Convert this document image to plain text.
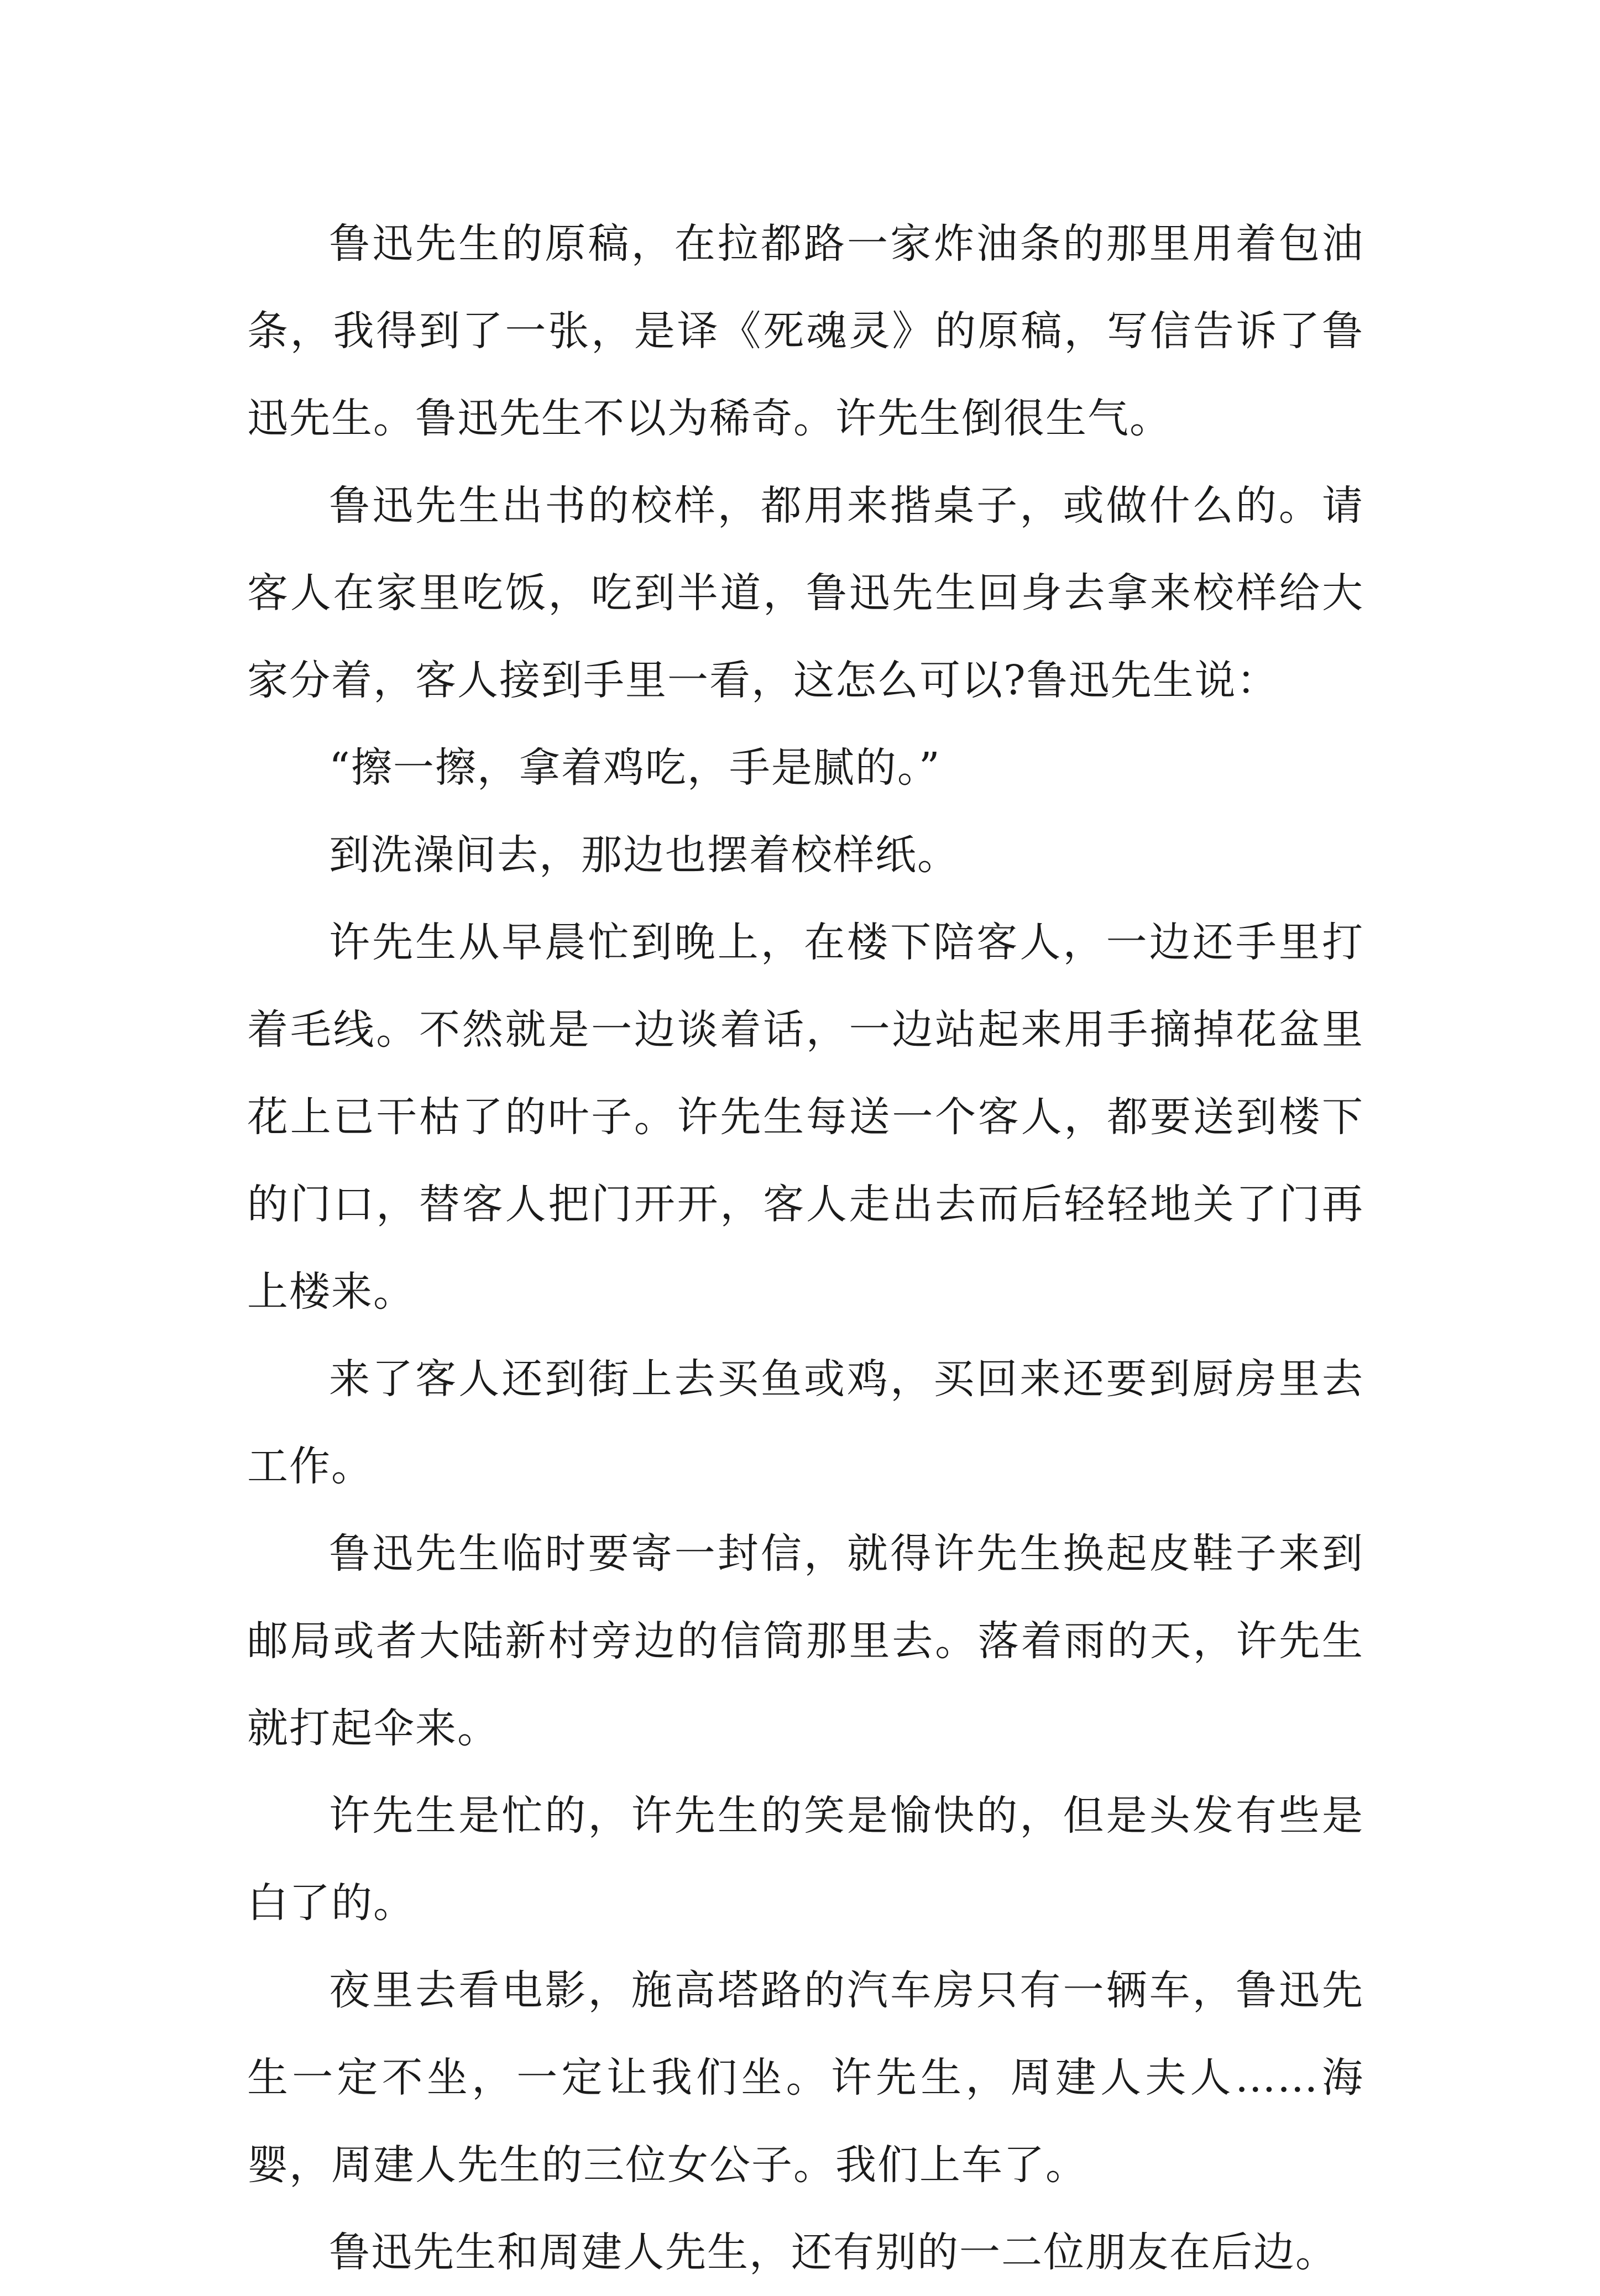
鲁迅先生的原稿，在拉都路一家炸油条的那里用着包油条，我得到了一张，是译《死魂灵》的原稿，写信告诉了鲁迅先生。鲁迅先生不以为稀奇。许先生倒很生气。

鲁迅先生出书的校样，都用来揩桌子，或做什么的。请客人在家里吃饭，吃到半道，鲁迅先生回身去拿来校样给大家分着，客人接到手里一看，这怎么可以?鲁迅先生说：

“擦一擦，拿着鸡吃，手是腻的。”

到洗澡间去，那边也摆着校样纸。

许先生从早晨忙到晚上，在楼下陪客人，一边还手里打着毛线。不然就是一边谈着话，一边站起来用手摘掉花盆里花上已干枯了的叶子。许先生每送一个客人，都要送到楼下的门口，替客人把门开开，客人走出去而后轻轻地关了门再上楼来。

来了客人还到街上去买鱼或鸡，买回来还要到厨房里去工作。

鲁迅先生临时要寄一封信，就得许先生换起皮鞋子来到邮局或者大陆新村旁边的信筒那里去。落着雨的天，许先生就打起伞来。

许先生是忙的，许先生的笑是愉快的，但是头发有些是白了的。

夜里去看电影，施高塔路的汽车房只有一辆车，鲁迅先生一定不坐，一定让我们坐。许先生，周建人夫人……海婴，周建人先生的三位女公子。我们上车了。

鲁迅先生和周建人先生，还有别的一二位朋友在后边。
